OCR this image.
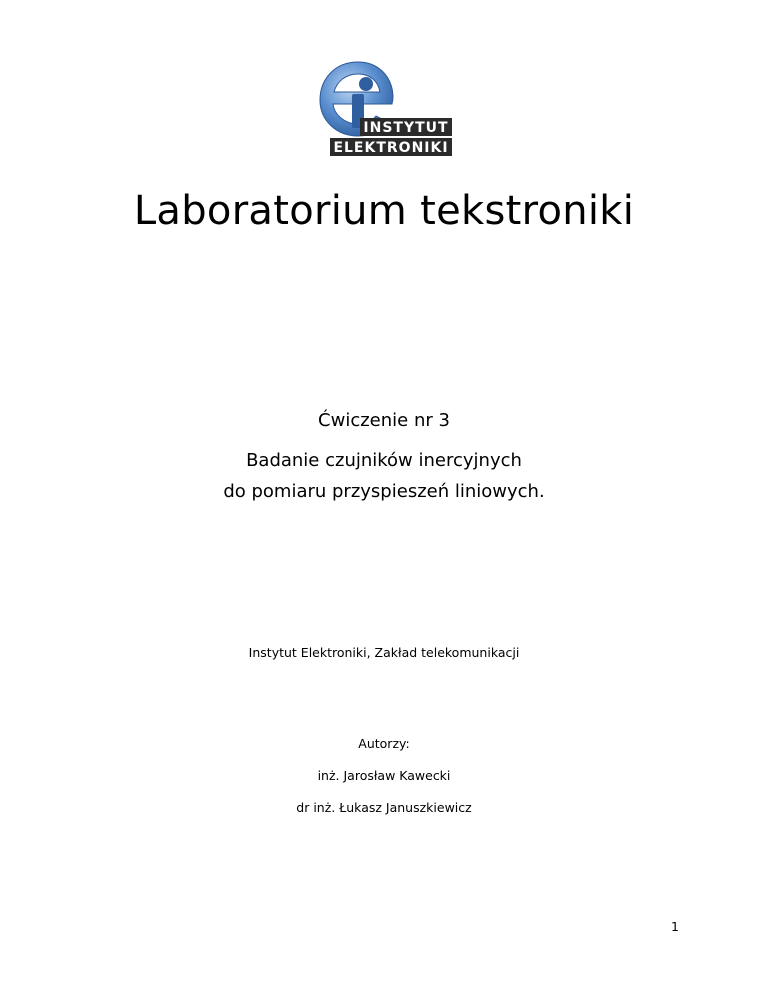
INSTYTUT
ELEKTRONIKI
Laboratorium tekstroniki
Ćwiczenie nr 3
Badanie czujników inercyjnych
do pomiaru przyspieszeń liniowych.
Instytut Elektroniki, Zakład telekomunikacji
Autorzy:
inż. Jarosław Kawecki
dr inż. Łukasz Januszkiewicz
1
